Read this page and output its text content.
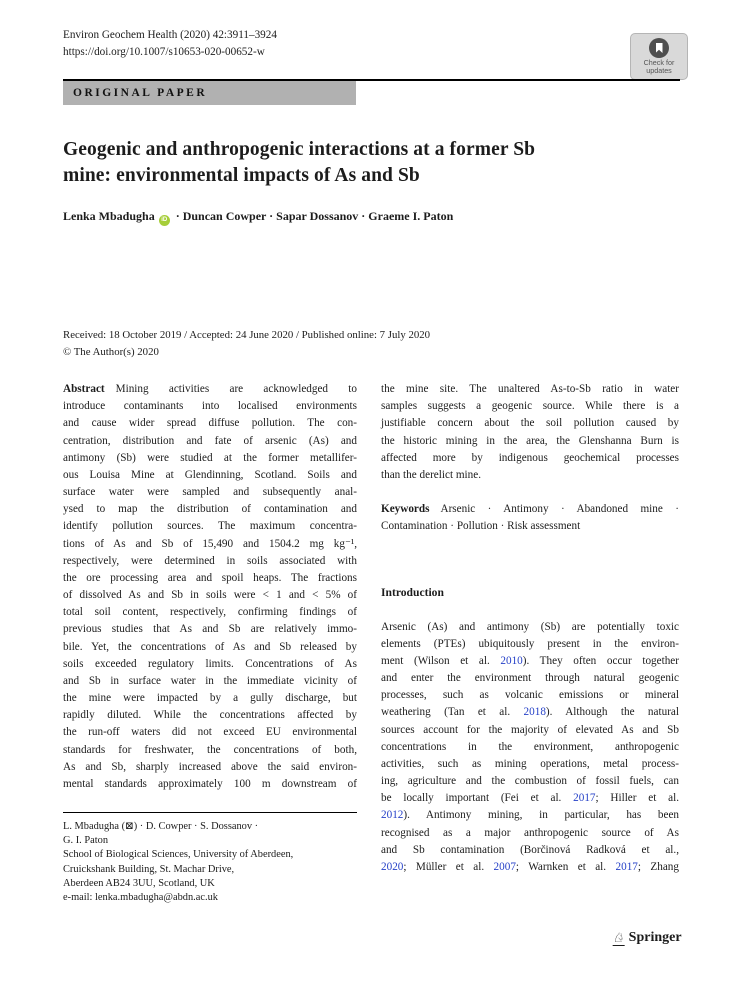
Environ Geochem Health (2020) 42:3911–3924
https://doi.org/10.1007/s10653-020-00652-w
Check for
updates
ORIGINAL PAPER
Geogenic and anthropogenic interactions at a former Sb
mine: environmental impacts of As and Sb
Lenka Mbadugha iD · Duncan Cowper · Sapar Dossanov · Graeme I. Paton
Received: 18 October 2019 / Accepted: 24 June 2020 / Published online: 7 July 2020
© The Author(s) 2020
Abstract Mining activities are acknowledged to
introduce contaminants into localised environments
and cause wider spread diffuse pollution. The con-
centration, distribution and fate of arsenic (As) and
antimony (Sb) were studied at the former metallifer-
ous Louisa Mine at Glendinning, Scotland. Soils and
surface water were sampled and subsequently anal-
ysed to map the distribution of contamination and
identify pollution sources. The maximum concentra-
tions of As and Sb of 15,490 and 1504.2 mg kg⁻¹,
respectively, were determined in soils associated with
the ore processing area and spoil heaps. The fractions
of dissolved As and Sb in soils were < 1 and < 5% of
total soil content, respectively, confirming findings of
previous studies that As and Sb are relatively immo-
bile. Yet, the concentrations of As and Sb released by
soils exceeded regulatory limits. Concentrations of As
and Sb in surface water in the immediate vicinity of
the mine were impacted by a gully discharge, but
rapidly diluted. While the concentrations affected by
the run-off waters did not exceed EU environmental
standards for freshwater, the concentrations of both,
As and Sb, sharply increased above the said environ-
mental standards approximately 100 m downstream of
the mine site. The unaltered As-to-Sb ratio in water
samples suggests a geogenic source. While there is a
justifiable concern about the soil pollution caused by
the historic mining in the area, the Glenshanna Burn is
affected more by indigenous geochemical processes
than the derelict mine.
Keywords Arsenic · Antimony · Abandoned mine ·
Contamination · Pollution · Risk assessment
Introduction
Arsenic (As) and antimony (Sb) are potentially toxic
elements (PTEs) ubiquitously present in the environ-
ment (Wilson et al. 2010). They often occur together
and enter the environment through natural geogenic
processes, such as volcanic emissions or mineral
weathering (Tan et al. 2018). Although the natural
sources account for the majority of elevated As and Sb
concentrations in the environment, anthropogenic
activities, such as mining operations, metal process-
ing, agriculture and the combustion of fossil fuels, can
be locally important (Fei et al. 2017; Hiller et al.
2012). Antimony mining, in particular, has been
recognised as a major anthropogenic source of As
and Sb contamination (Borčinová Radková et al.,
2020; Müller et al. 2007; Warnken et al. 2017; Zhang
L. Mbadugha (⊠) · D. Cowper · S. Dossanov ·
G. I. Paton
School of Biological Sciences, University of Aberdeen,
Cruickshank Building, St. Machar Drive,
Aberdeen AB24 3UU, Scotland, UK
e-mail: lenka.mbadugha@abdn.ac.uk
♘ Springer
